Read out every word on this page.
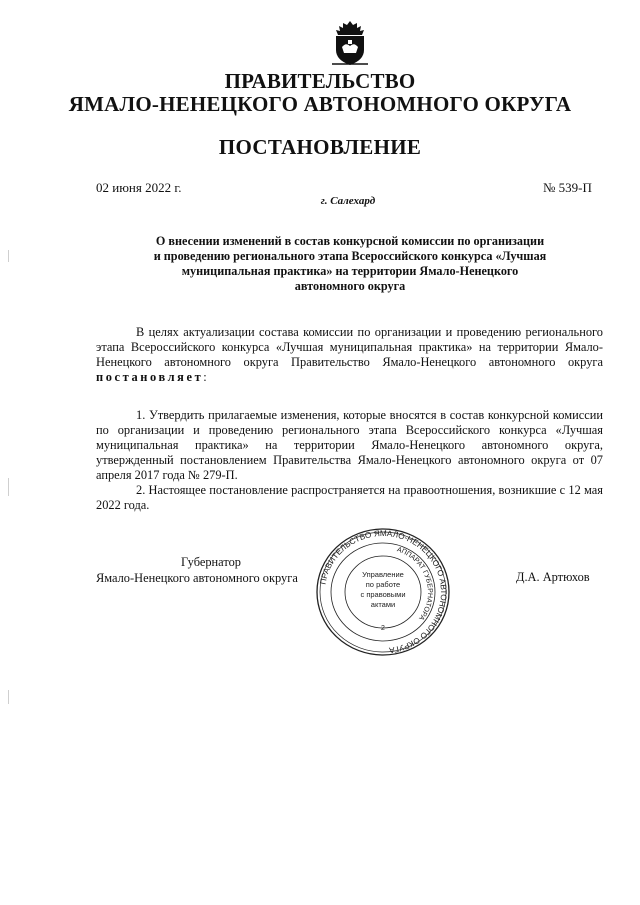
ПРАВИТЕЛЬСТВО
ЯМАЛО-НЕНЕЦКОГО АВТОНОМНОГО ОКРУГА
ПОСТАНОВЛЕНИЕ
02 июня 2022 г.	№ 539-П
г. Салехард
О внесении изменений в состав конкурсной комиссии по организации
и проведению регионального этапа Всероссийского конкурса «Лучшая
муниципальная практика» на территории Ямало-Ненецкого
автономного округа
В целях актуализации состава комиссии по организации и проведению регионального этапа Всероссийского конкурса «Лучшая муниципальная практика» на территории Ямало-Ненецкого автономного округа Правительство Ямало-Ненецкого автономного округа постановляет:
1. Утвердить прилагаемые изменения, которые вносятся в состав конкурсной комиссии по организации и проведению регионального этапа Всероссийского конкурса «Лучшая муниципальная практика» на территории Ямало-Ненецкого автономного округа, утвержденный постановлением Правительства Ямало-Ненецкого автономного округа от 07 апреля 2017 года № 279-П.
2. Настоящее постановление распространяется на правоотношения, возникшие с 12 мая 2022 года.
Губернатор
Ямало-Ненецкого автономного округа	Д.А. Артюхов
ПРАВИТЕЛЬСТВО ЯМАЛО-НЕНЕЦКОГО АВТОНОМНОГО ОКРУГА
АППАРАТ ГУБЕРНАТОРА
Управление
по работе
с правовыми
актами
2
